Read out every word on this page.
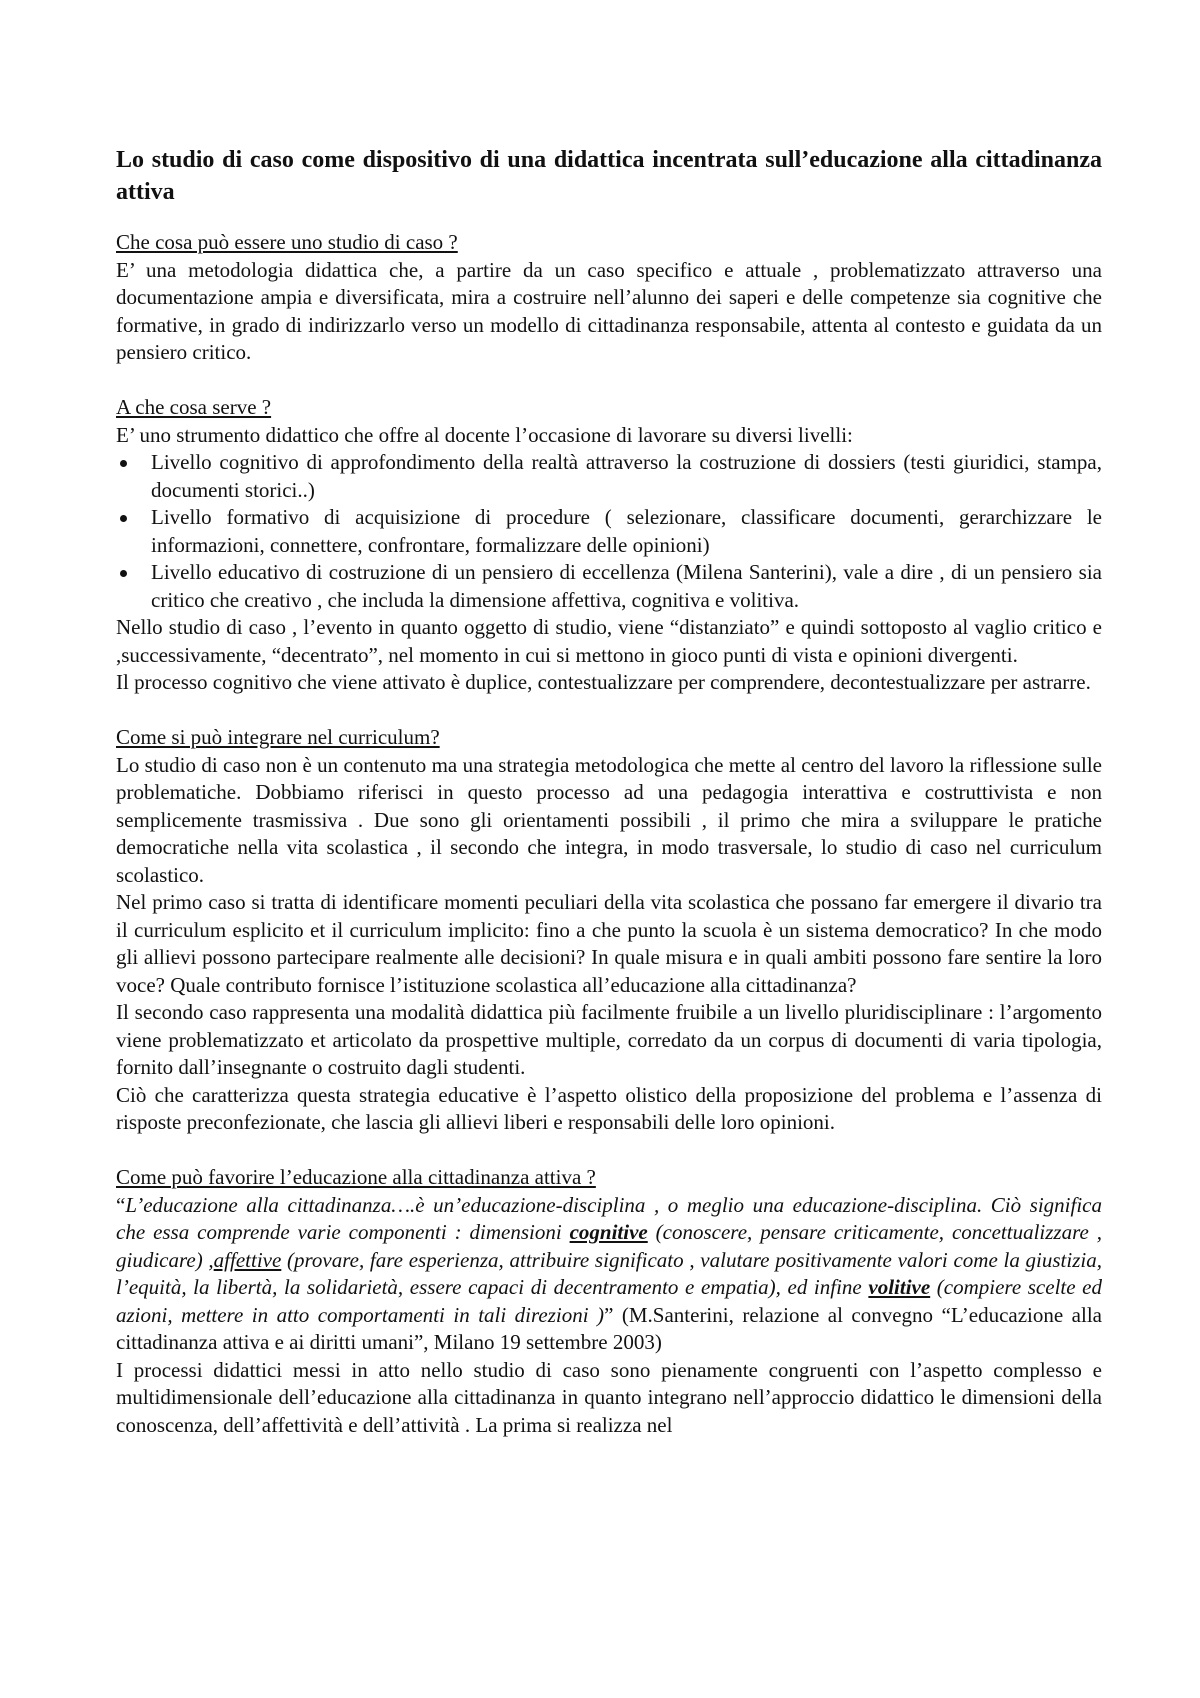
Lo studio di caso come dispositivo di una didattica incentrata sull’educazione alla cittadinanza attiva
Che cosa può essere uno studio di caso ?

E’ una metodologia didattica che, a partire da un caso specifico e attuale , problematizzato attraverso una documentazione ampia e diversificata, mira a costruire nell’alunno dei saperi e delle competenze sia cognitive che formative, in grado di indirizzarlo verso un modello di cittadinanza responsabile, attenta al contesto e guidata da un pensiero critico.

A che cosa serve ?

E’ uno strumento didattico che offre al docente l’occasione di lavorare su diversi livelli:

Livello cognitivo di approfondimento della realtà attraverso la costruzione di dossiers (testi giuridici, stampa, documenti storici..)
Livello formativo di acquisizione di procedure ( selezionare, classificare documenti, gerarchizzare le informazioni, connettere, confrontare, formalizzare delle opinioni)
Livello educativo di costruzione di un pensiero di eccellenza (Milena Santerini), vale a dire , di un pensiero sia critico che creativo , che includa la dimensione affettiva, cognitiva e volitiva.

Nello studio di caso , l’evento in quanto oggetto di studio, viene “distanziato” e quindi sottoposto al vaglio critico e ,successivamente, “decentrato”, nel momento in cui si mettono in gioco punti di vista e opinioni divergenti.

Il processo cognitivo che viene attivato è duplice, contestualizzare per comprendere, decontestualizzare per astrarre.

Come si può integrare nel curriculum?

Lo studio di caso non è un contenuto ma una strategia metodologica che mette al centro del lavoro la riflessione sulle problematiche. Dobbiamo riferisci in questo processo ad una pedagogia interattiva e costruttivista e non semplicemente trasmissiva . Due sono gli orientamenti possibili , il primo che mira a sviluppare le pratiche democratiche nella vita scolastica , il secondo che integra, in modo trasversale, lo studio di caso nel curriculum scolastico.

Nel primo caso si tratta di identificare momenti peculiari della vita scolastica che possano far emergere il divario tra il curriculum esplicito et il curriculum implicito: fino a che punto la scuola è un sistema democratico? In che modo gli allievi possono partecipare realmente alle decisioni? In quale misura e in quali ambiti possono fare sentire la loro voce? Quale contributo fornisce l’istituzione scolastica all’educazione alla cittadinanza?

Il secondo caso rappresenta una modalità didattica più facilmente fruibile a un livello pluridisciplinare : l’argomento viene problematizzato et articolato da prospettive multiple, corredato da un corpus di documenti di varia tipologia, fornito dall’insegnante o costruito dagli studenti.

Ciò che caratterizza questa strategia educative è l’aspetto olistico della proposizione del problema e l’assenza di risposte preconfezionate, che lascia gli allievi liberi e responsabili delle loro opinioni.

Come può favorire l’educazione alla cittadinanza attiva ?

“L’educazione alla cittadinanza….è un’educazione-disciplina , o meglio una educazione-disciplina. Ciò significa che essa comprende varie componenti : dimensioni cognitive (conoscere, pensare criticamente, concettualizzare , giudicare) ,affettive (provare, fare esperienza, attribuire significato , valutare positivamente valori come la giustizia, l’equità, la libertà, la solidarietà, essere capaci di decentramento e empatia), ed infine volitive (compiere scelte ed azioni, mettere in atto comportamenti in tali direzioni )” (M.Santerini, relazione al convegno “L’educazione alla cittadinanza attiva e ai diritti umani”, Milano 19 settembre 2003)

I processi didattici messi in atto nello studio di caso sono pienamente congruenti con l’aspetto complesso e multidimensionale dell’educazione alla cittadinanza in quanto integrano nell’approccio didattico le dimensioni della conoscenza, dell’affettività e dell’attività . La prima si realizza nel
